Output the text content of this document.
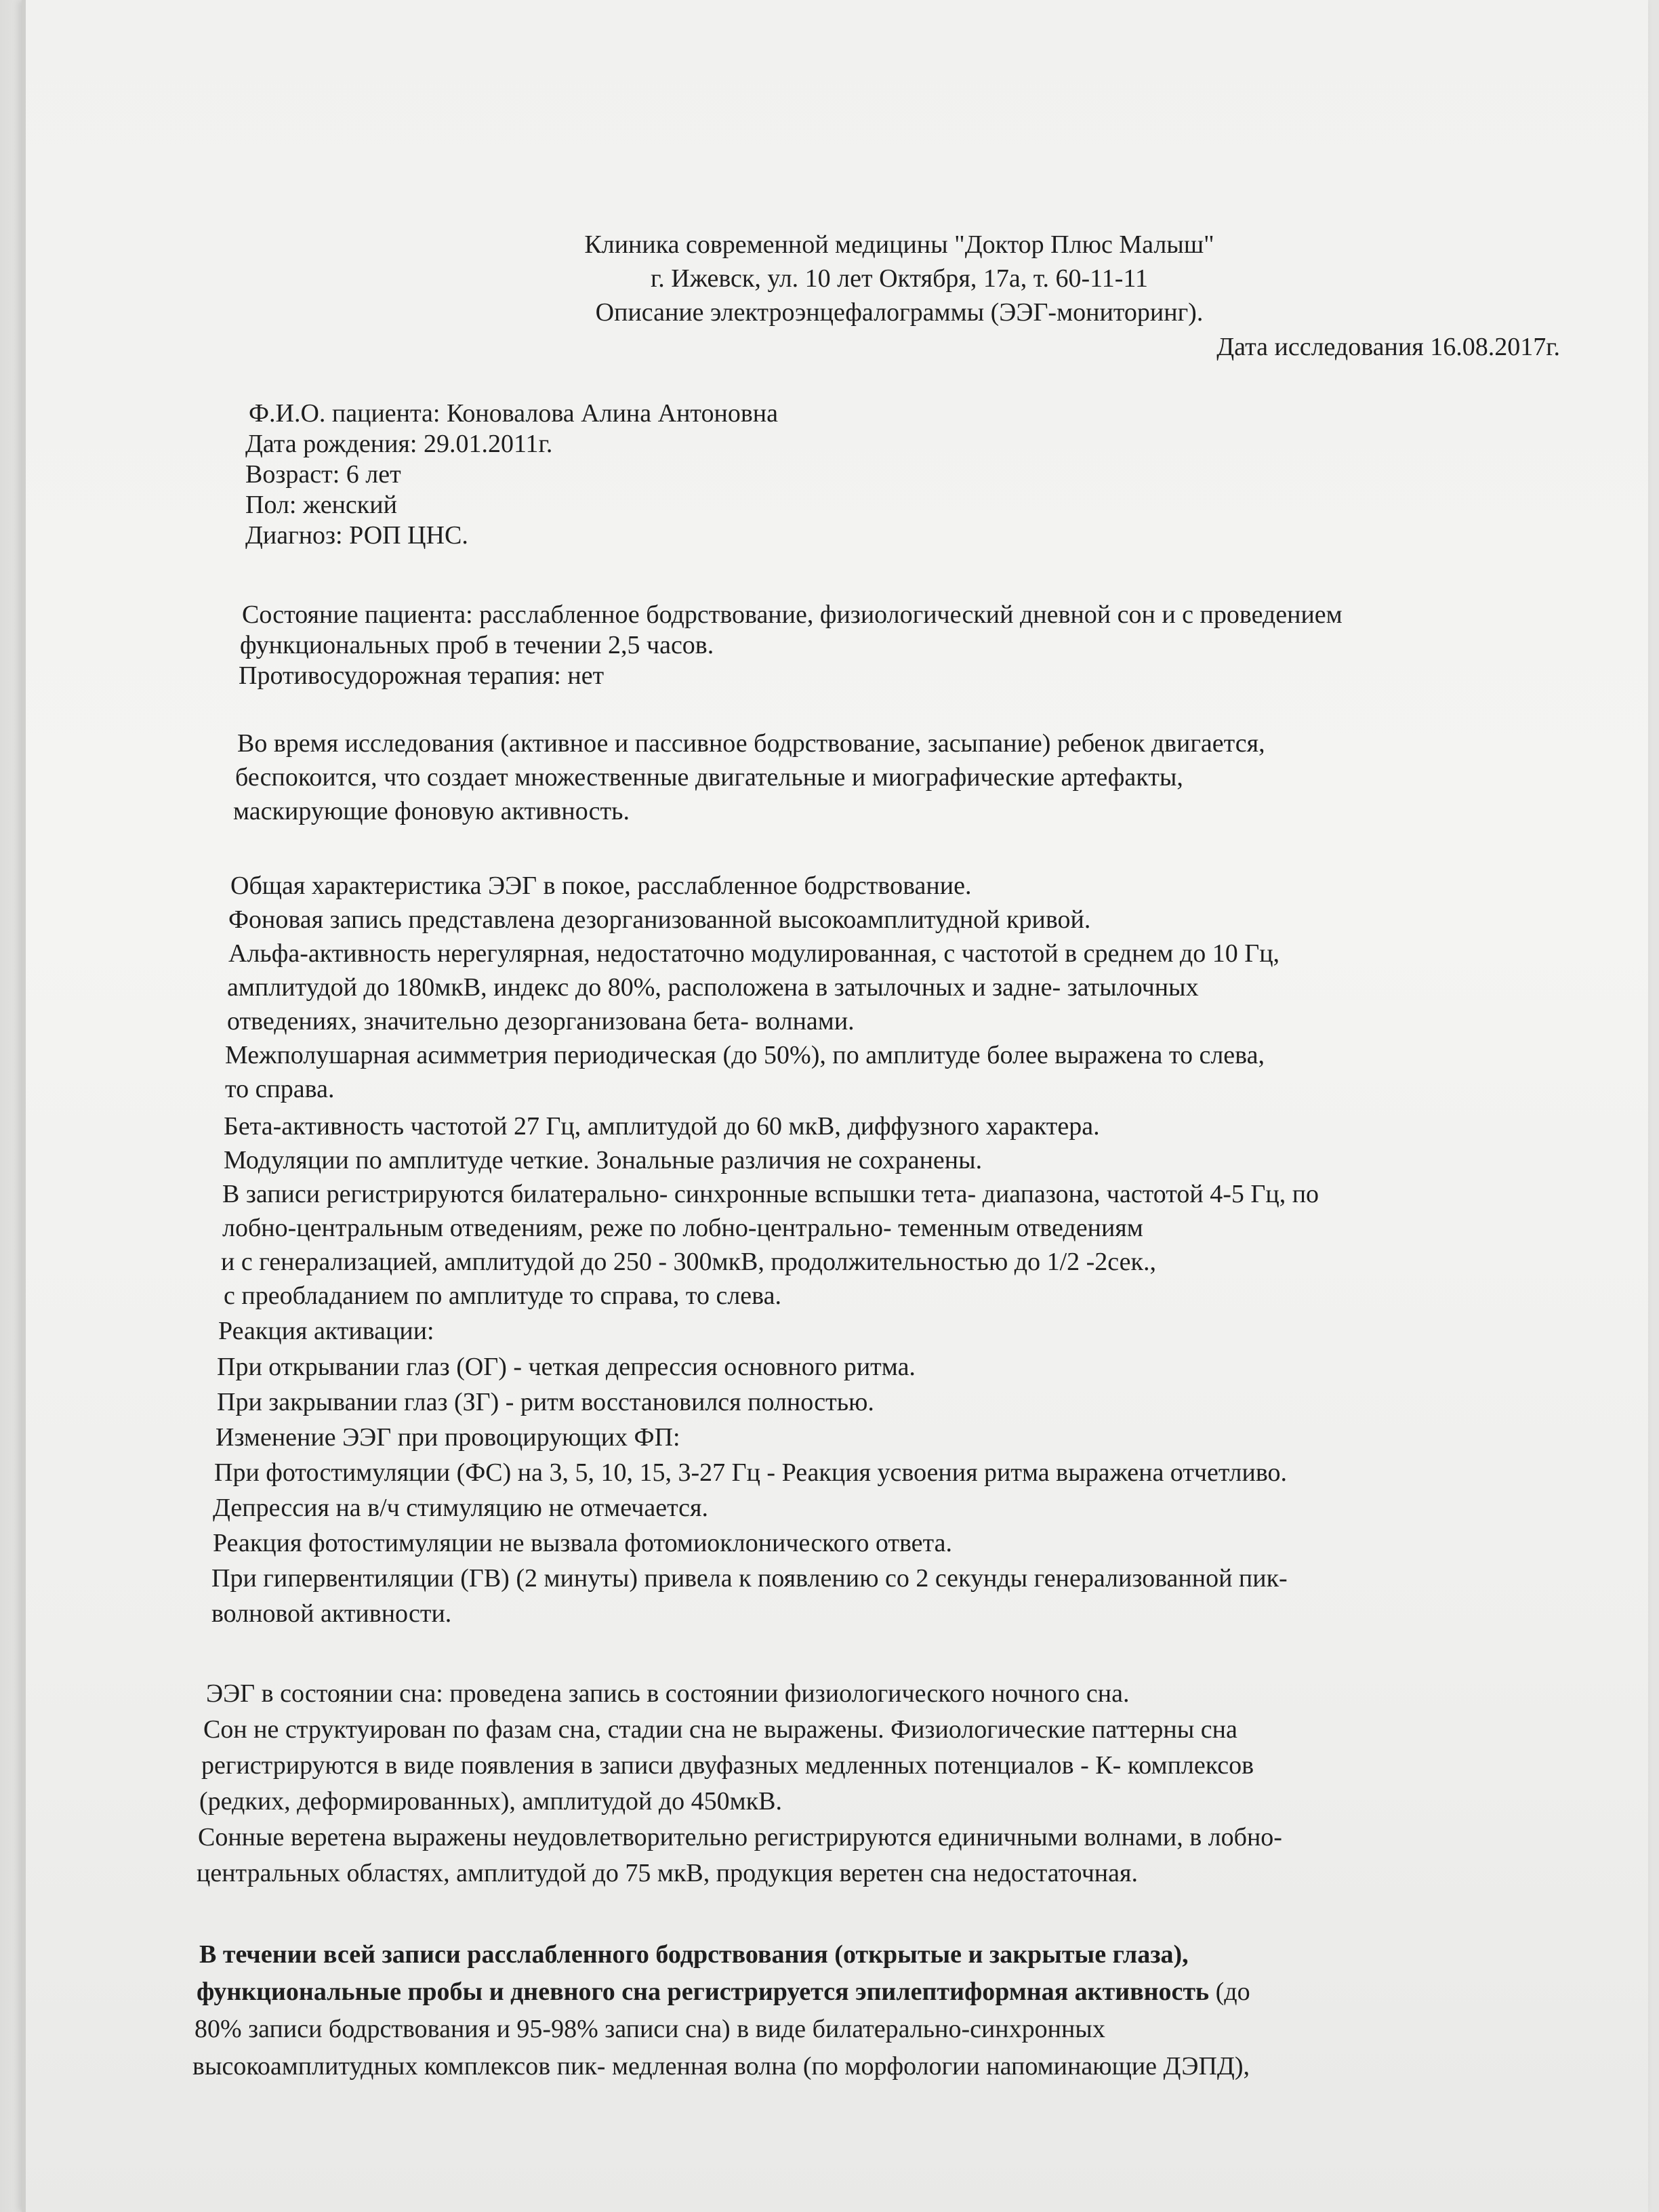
Клиника современной медицины "Доктор Плюс Малыш"
г. Ижевск, ул. 10 лет Октября, 17а, т. 60-11-11
Описание электроэнцефалограммы (ЭЭГ-мониторинг).
Дата исследования 16.08.2017г.
Ф.И.О. пациента: Коновалова Алина Антоновна
Дата рождения: 29.01.2011г.
Возраст: 6 лет
Пол: женский
Диагноз: РОП ЦНС.
Состояние пациента: расслабленное бодрствование, физиологический дневной сон и с проведением
функциональных проб в течении 2,5 часов.
Противосудорожная терапия: нет
Во время исследования (активное и пассивное бодрствование, засыпание) ребенок двигается,
беспокоится, что создает множественные двигательные и миографические артефакты,
маскирующие фоновую активность.
Общая характеристика ЭЭГ в покое, расслабленное бодрствование.
Фоновая запись представлена дезорганизованной высокоамплитудной кривой.
Альфа-активность нерегулярная, недостаточно модулированная, с частотой в среднем до 10 Гц,
амплитудой до 180мкВ, индекс до 80%, расположена в затылочных и задне- затылочных
отведениях, значительно дезорганизована бета- волнами.
Межполушарная асимметрия периодическая (до 50%), по амплитуде более выражена то слева,
то справа.
Бета-активность частотой 27 Гц, амплитудой до 60 мкВ, диффузного характера.
Модуляции по амплитуде четкие. Зональные различия не сохранены.
В записи регистрируются билатерально- синхронные вспышки тета- диапазона, частотой 4-5 Гц, по
лобно-центральным отведениям, реже по лобно-центрально- теменным отведениям
и с генерализацией, амплитудой до 250 - 300мкВ, продолжительностью до 1/2 -2сек.,
с преобладанием по амплитуде то справа, то слева.
Реакция активации:
При открывании глаз (ОГ) - четкая депрессия основного ритма.
При закрывании глаз (ЗГ) - ритм восстановился полностью.
Изменение ЭЭГ при провоцирующих ФП:
При фотостимуляции (ФС) на 3, 5, 10, 15, 3-27 Гц - Реакция усвоения ритма выражена отчетливо.
Депрессия на в/ч стимуляцию не отмечается.
Реакция фотостимуляции не вызвала фотомиоклонического ответа.
При гипервентиляции (ГВ) (2 минуты) привела к появлению со 2 секунды генерализованной пик-
волновой активности.
ЭЭГ в состоянии сна: проведена запись в состоянии физиологического ночного сна.
Сон не структуирован по фазам сна, стадии сна не выражены. Физиологические паттерны сна
регистрируются в виде появления в записи двуфазных медленных потенциалов - К- комплексов
(редких, деформированных), амплитудой до 450мкВ.
Сонные веретена выражены неудовлетворительно регистрируются единичными волнами, в лобно-
центральных областях, амплитудой до 75 мкВ, продукция веретен сна недостаточная.
В течении всей записи расслабленного бодрствования (открытые и закрытые глаза),
функциональные пробы и дневного сна регистрируется эпилептиформная активность (до
80% записи бодрствования и 95-98% записи сна) в виде билатерально-синхронных
высокоамплитудных комплексов пик- медленная волна (по морфологии напоминающие ДЭПД),
